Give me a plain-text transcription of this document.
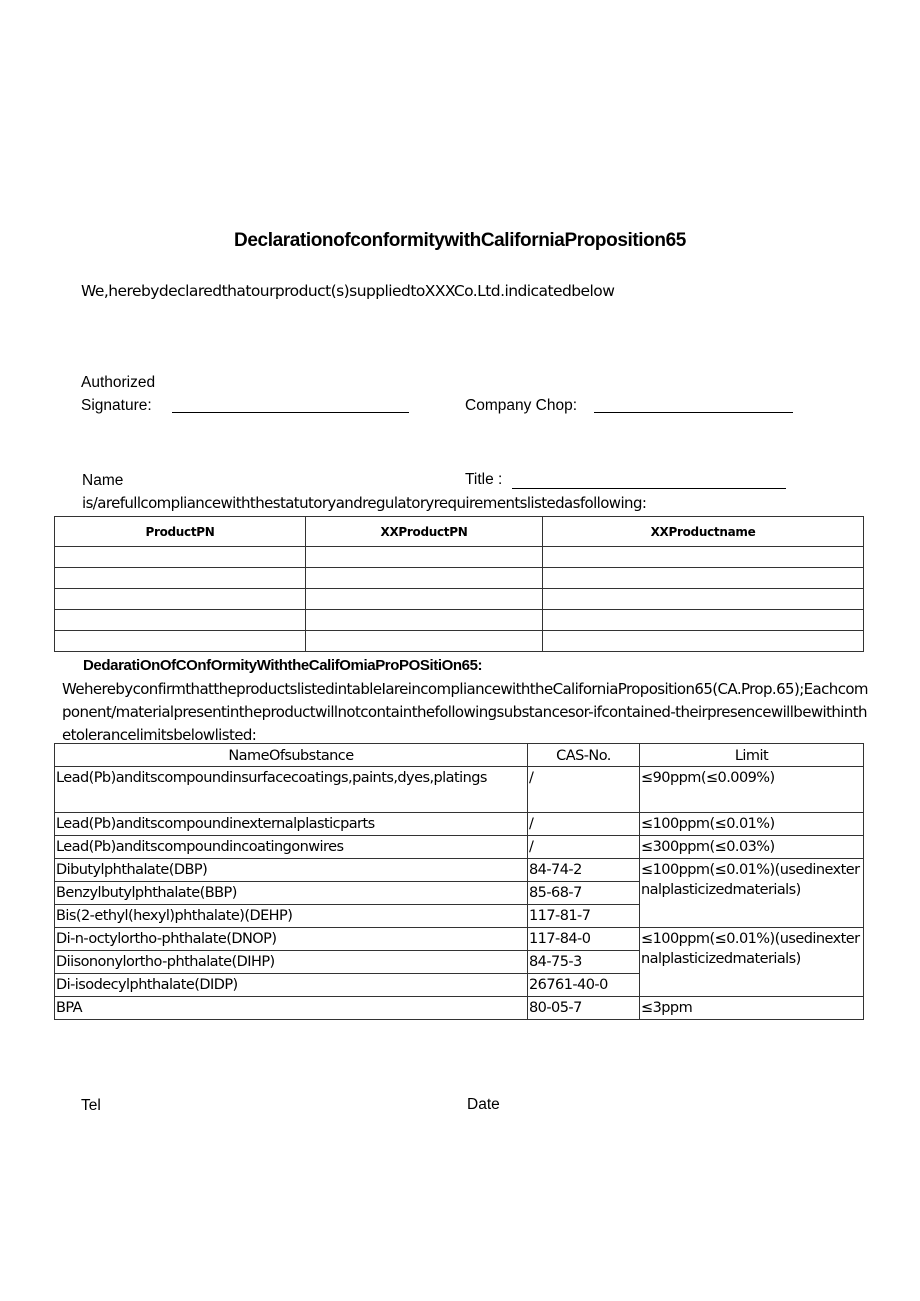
DeclarationofconformitywithCaliforniaProposition65
We,herebydeclaredthatourproduct(s)suppliedtoXXXCo.Ltd.indicatedbelow
Authorized
Signature:	Company Chop:
Name	Title :
is/arefullcompliancewiththestatutoryandregulatoryrequirementslistedasfollowing:
ProductPN	XXProductPN	XXProductname

DedaratiOnOfCOnfOrmityWiththeCalifOmiaProPOSitiOn65:
WeherebyconfirmthattheproductslistedintableIareincompliancewiththeCaliforniaProposition65(CA.Prop.65);Eachcomponent/materialpresentintheproductwillnotcontainthefollowingsubstancesor-ifcontained-theirpresencewillbewithinthetolerancelimitsbelowlisted:
NameOfsubstance	CAS-No.	Limit
Lead(Pb)anditscompoundinsurfacecoatings,paints,dyes,platings	/	≤90ppm(≤0.009%)
Lead(Pb)anditscompoundinexternalplasticparts	/	≤100ppm(≤0.01%)
Lead(Pb)anditscompoundincoatingonwires	/	≤300ppm(≤0.03%)
Dibutylphthalate(DBP)	84-74-2	≤100ppm(≤0.01%)(usedinexternalplasticizedmaterials)
Benzylbutylphthalate(BBP)	85-68-7	
Bis(2-ethyl(hexyl)phthalate)(DEHP)	117-81-7	
Di-n-octylortho-phthalate(DNOP)	117-84-0	≤100ppm(≤0.01%)(usedinexternalplasticizedmaterials)
Diisononylortho-phthalate(DIHP)	84-75-3	
Di-isodecylphthalate(DIDP)	26761-40-0	
BPA	80-05-7	≤3ppm
Tel	Date
